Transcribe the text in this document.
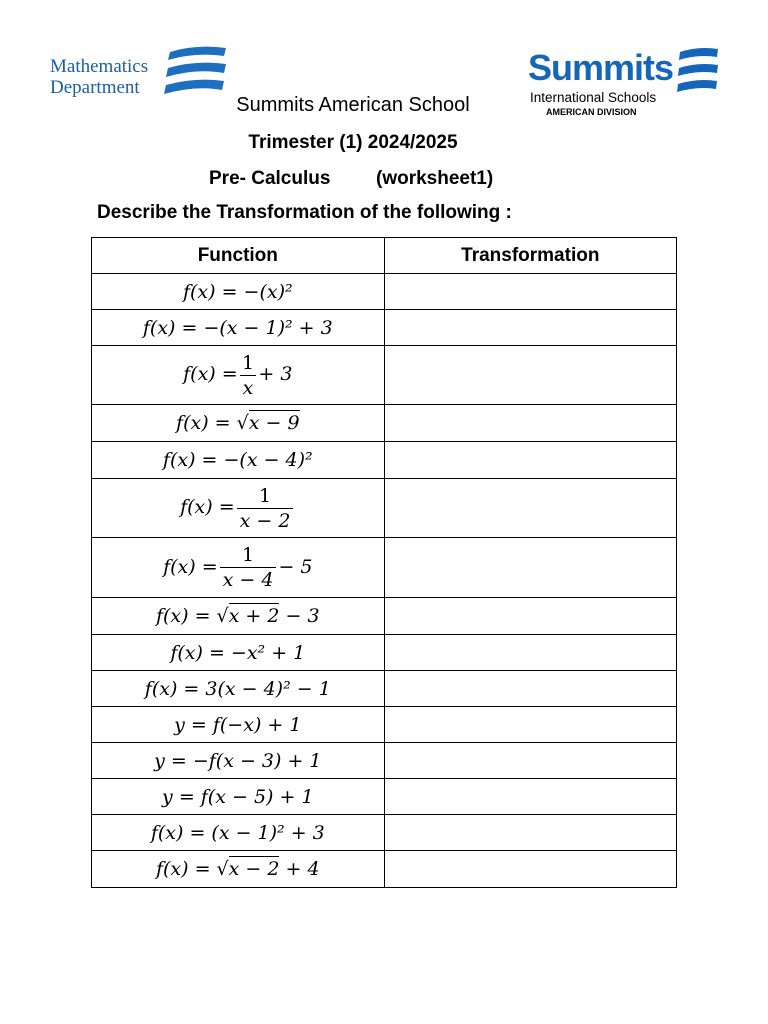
Mathematics Department	Summits
International Schools
AMERICAN DIVISION
Summits American School
Trimester (1) 2024/2025
Pre- Calculus (worksheet1)
Describe the Transformation of the following :
Function	Transformation
f(x) = −(x)²	
f(x) = −(x − 1)² + 3	
$f(x) = \frac{1}{x} + 3$	
f(x) = √x − 9	
f(x) = −(x − 4)²	
$f(x) = \frac{1}{x - 2}$

$f(x) = \frac{1}{x - 4} - 5$	
f(x) = √x + 2 − 3	
f(x) = −x² + 1	
f(x) = 3(x − 4)² − 1	
y = f(−x) + 1	
y = −f(x − 3) + 1	
y = f(x − 5) + 1	
f(x) = (x − 1)² + 3	
f(x) = √x − 2 + 4	
